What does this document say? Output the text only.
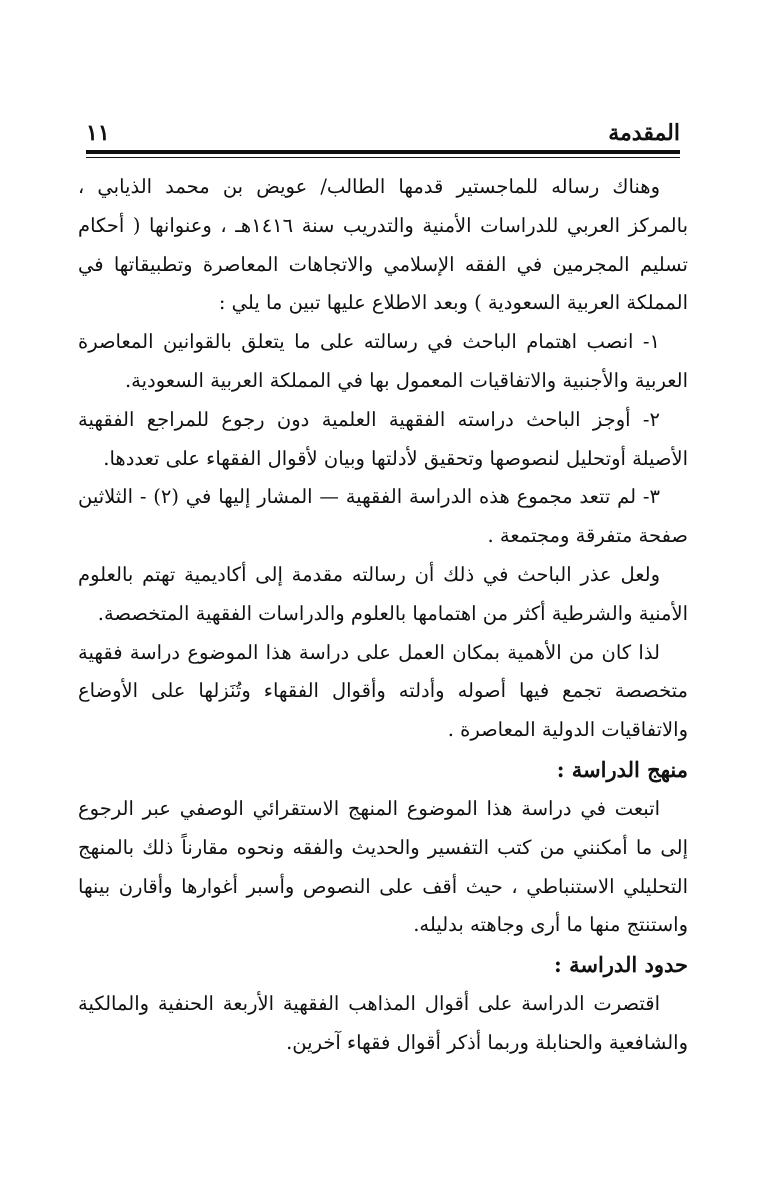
المقدمة
١١

وهناك رساله للماجستير قدمها الطالب/ عويض بن محمد الذيابي ، بالمركز العربي للدراسات الأمنية والتدريب سنة ١٤١٦هـ ، وعنوانها ( أحكام تسليم المجرمين في الفقه الإسلامي والاتجاهات المعاصرة وتطبيقاتها في المملكة العربية السعودية ) وبعد الاطلاع عليها تبين ما يلي :

١- انصب اهتمام الباحث في رسالته على ما يتعلق بالقوانين المعاصرة العربية والأجنبية والاتفاقيات المعمول بها في المملكة العربية السعودية.

٢- أوجز الباحث دراسته الفقهية العلمية دون رجوع للمراجع الفقهية الأصيلة أوتحليل لنصوصها وتحقيق لأدلتها وبيان لأقوال الفقهاء على تعددها.

٣- لم تتعد مجموع هذه الدراسة الفقهية — المشار إليها في (٢) - الثلاثين صفحة متفرقة ومجتمعة .

ولعل عذر الباحث في ذلك أن رسالته مقدمة إلى أكاديمية تهتم بالعلوم الأمنية والشرطية أكثر من اهتمامها بالعلوم والدراسات الفقهية المتخصصة.

لذا كان من الأهمية بمكان العمل على دراسة هذا الموضوع دراسة فقهية متخصصة تجمع فيها أصوله وأدلته وأقوال الفقهاء وتُنَزلها على الأوضاع والاتفاقيات الدولية المعاصرة .

منهج الدراسة :

اتبعت في دراسة هذا الموضوع المنهج الاستقرائي الوصفي عبر الرجوع إلى ما أمكنني من كتب التفسير والحديث والفقه ونحوه مقارناً ذلك بالمنهج التحليلي الاستنباطي ، حيث أقف على النصوص وأسبر أغوارها وأقارن بينها واستنتج منها ما أرى وجاهته بدليله.

حدود الدراسة :

اقتصرت الدراسة على أقوال المذاهب الفقهية الأربعة الحنفية والمالكية والشافعية والحنابلة وربما أذكر أقوال فقهاء آخرين.
